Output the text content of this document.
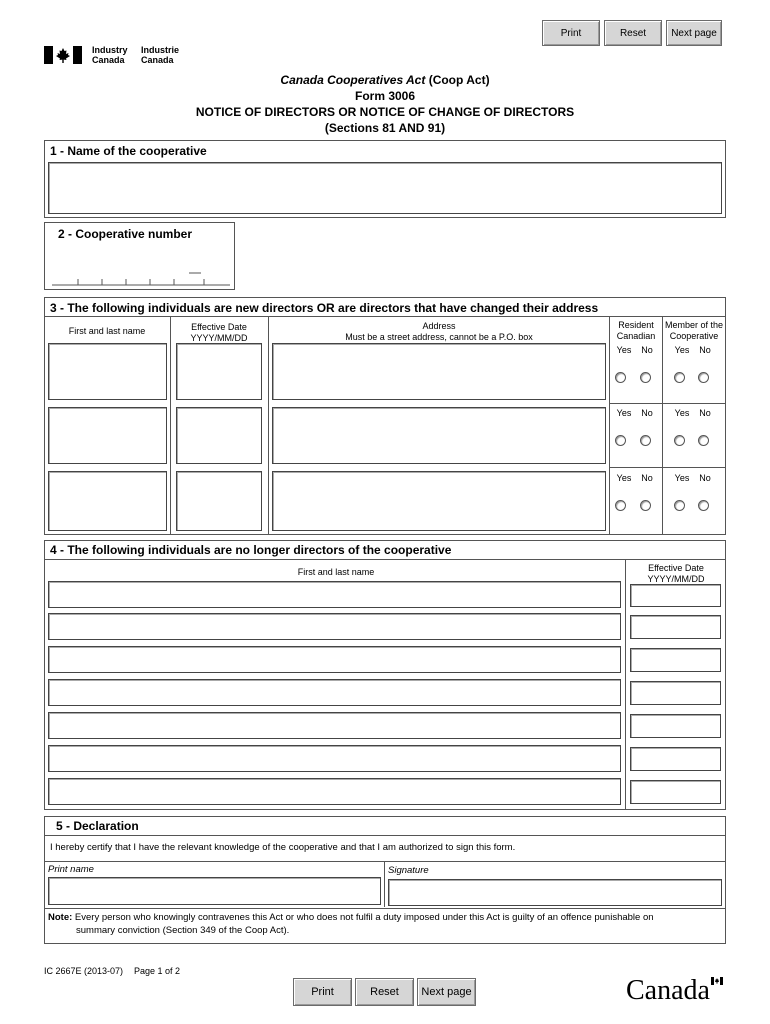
Print	Reset	Next page
Industry
Canada
Industrie
Canada
Canada Cooperatives Act (Coop Act)
Form 3006
NOTICE OF DIRECTORS OR NOTICE OF CHANGE OF DIRECTORS
(Sections 81 AND 91)
1 - Name of the cooperative
2 - Cooperative number
3 - The following individuals are new directors OR are directors that have changed their address
First and last name	Effective Date
YYYY/MM/DD
Address
Must be a street address, cannot be a P.O. box
Resident
Canadian
Member of the
Cooperative
Yes	No	Yes	No
Yes	No	Yes	No
Yes	No	Yes	No
4 - The following individuals are no longer directors of the cooperative
First and last name	Effective Date
YYYY/MM/DD
5 - Declaration
I hereby certify that I have the relevant knowledge of the cooperative and that I am authorized to sign this form.
Print name	Signature
Note: Every person who knowingly contravenes this Act or who does not fulfil a duty imposed under this Act is guilty of an offence punishable on
summary conviction (Section 349 of the Coop Act).
IC 2667E (2013-07) Page 1 of 2
Print	Reset	Next page	Canada
